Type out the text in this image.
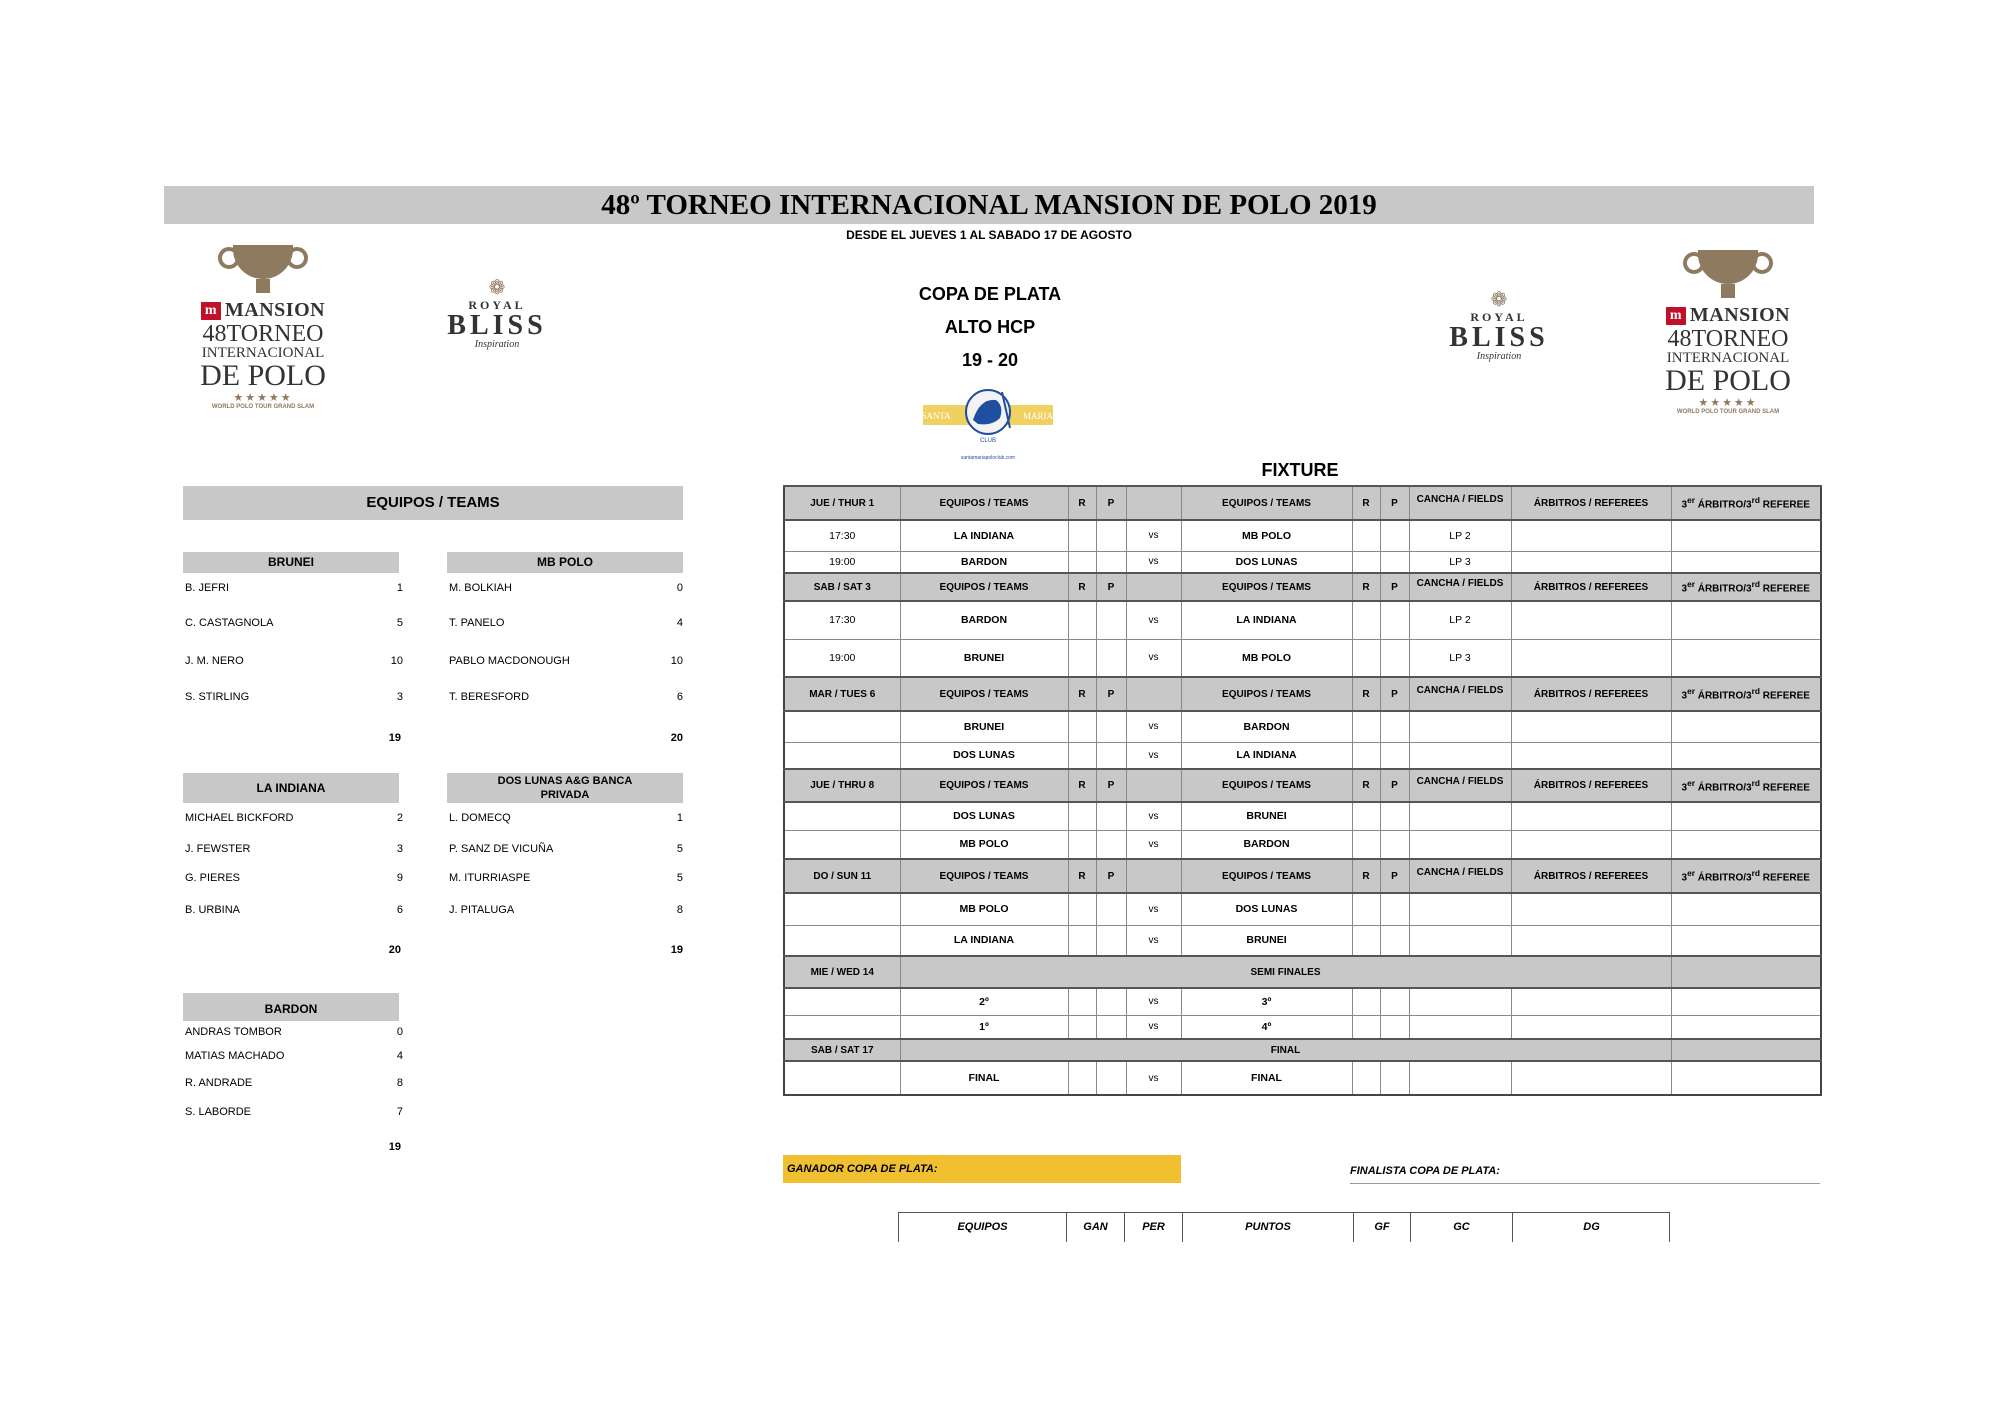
48º TORNEO INTERNACIONAL MANSION DE POLO 2019
DESDE EL JUEVES 1 AL SABADO 17 DE AGOSTO
m MANSION
48TORNEO
INTERNACIONAL
DE POLO
★★★★★
WORLD POLO TOUR GRAND SLAM
❁
ROYAL
BLISS
Inspiration
COPA DE PLATA
ALTO HCP
19 - 20
CLUB
santamariapoloclub.com
SANTA	MARIA
❁
ROYAL
BLISS
Inspiration
m MANSION
48TORNEO
INTERNACIONAL
DE POLO
★★★★★
WORLD POLO TOUR GRAND SLAM
FIXTURE
EQUIPOS / TEAMS
BRUNEI
B. JEFRI	1
C. CASTAGNOLA	5
J. M. NERO	10
S. STIRLING	3
19
MB POLO
M. BOLKIAH	0
T. PANELO	4
PABLO MACDONOUGH	10
T. BERESFORD	6
20
LA INDIANA
MICHAEL BICKFORD	2
J. FEWSTER	3
G. PIERES	9
B. URBINA	6
20
DOS LUNAS A&G BANCA
PRIVADA
L. DOMECQ	1
P. SANZ DE VICUÑA	5
M. ITURRIASPE	5
J. PITALUGA	8
19
BARDON
ANDRAS TOMBOR	0
MATIAS MACHADO	4
R. ANDRADE	8
S. LABORDE	7
19
JUE / THUR 1	EQUIPOS / TEAMS	R	P		EQUIPOS / TEAMS	R	P	CANCHA / FIELDS	ÁRBITROS / REFEREES	3er ÁRBITRO/3rd REFEREE
17:30	LA INDIANA			vs	MB POLO			LP 2		
19:00	BARDON			vs	DOS LUNAS			LP 3		
SAB / SAT 3	EQUIPOS / TEAMS	R	P		EQUIPOS / TEAMS	R	P	CANCHA / FIELDS	ÁRBITROS / REFEREES	3er ÁRBITRO/3rd REFEREE
17:30	BARDON			vs	LA INDIANA			LP 2		
19:00	BRUNEI			vs	MB POLO			LP 3		
MAR / TUES 6	EQUIPOS / TEAMS	R	P		EQUIPOS / TEAMS	R	P	CANCHA / FIELDS	ÁRBITROS / REFEREES	3er ÁRBITRO/3rd REFEREE
	BRUNEI			vs	BARDON					
	DOS LUNAS			vs	LA INDIANA					
JUE / THRU 8	EQUIPOS / TEAMS	R	P		EQUIPOS / TEAMS	R	P	CANCHA / FIELDS	ÁRBITROS / REFEREES	3er ÁRBITRO/3rd REFEREE
	DOS LUNAS			vs	BRUNEI					
	MB POLO			vs	BARDON					
DO / SUN 11	EQUIPOS / TEAMS	R	P		EQUIPOS / TEAMS	R	P	CANCHA / FIELDS	ÁRBITROS / REFEREES	3er ÁRBITRO/3rd REFEREE
	MB POLO			vs	DOS LUNAS					
	LA INDIANA			vs	BRUNEI					
MIE / WED 14	SEMI FINALES									
	2º			vs	3º					
	1º			vs	4º					
SAB / SAT 17	FINAL									
	FINAL			vs	FINAL					
GANADOR COPA DE PLATA:	FINALISTA COPA DE PLATA:
EQUIPOS	GAN	PER	PUNTOS	GF	GC	DG
